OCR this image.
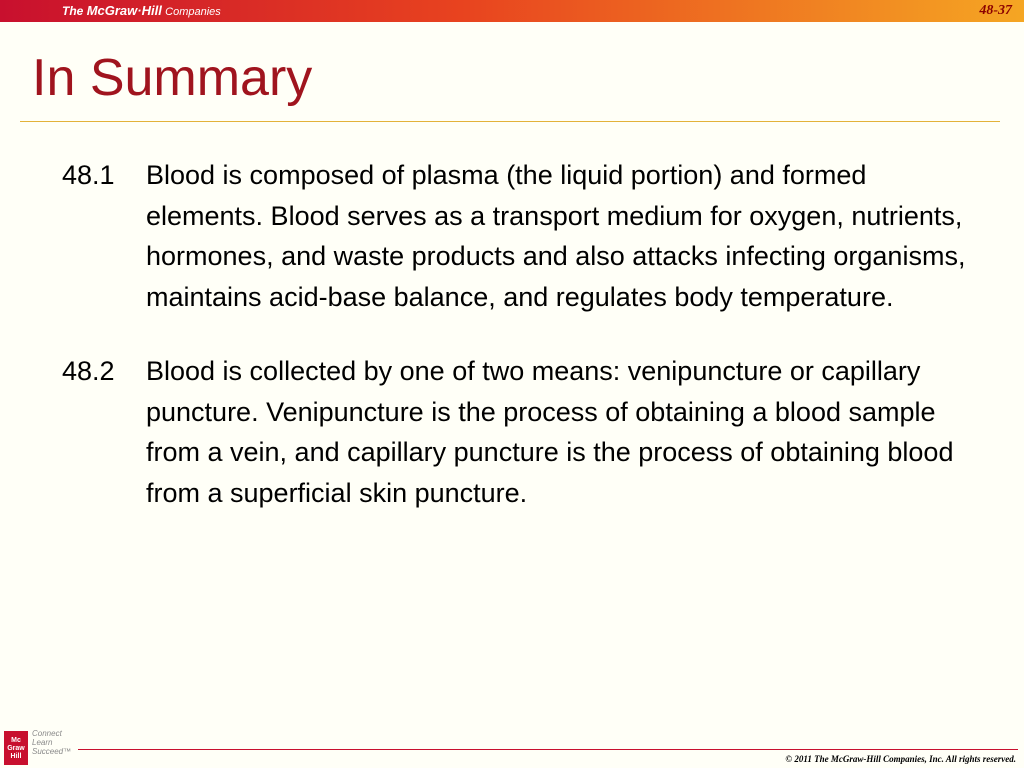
The McGraw·Hill Companies	48-37
In Summary
48.1	Blood is composed of plasma (the liquid portion) and formed elements. Blood serves as a transport medium for oxygen, nutrients, hormones, and waste products and also attacks infecting organisms, maintains acid-base balance, and regulates body temperature.
48.2	Blood is collected by one of two means: venipuncture or capillary puncture. Venipuncture is the process of obtaining a blood sample from a vein, and capillary puncture is the process of obtaining blood from a superficial skin puncture.
Mc
Graw
Hill
Connect
Learn
Succeed™
© 2011 The McGraw-Hill Companies, Inc. All rights reserved.
